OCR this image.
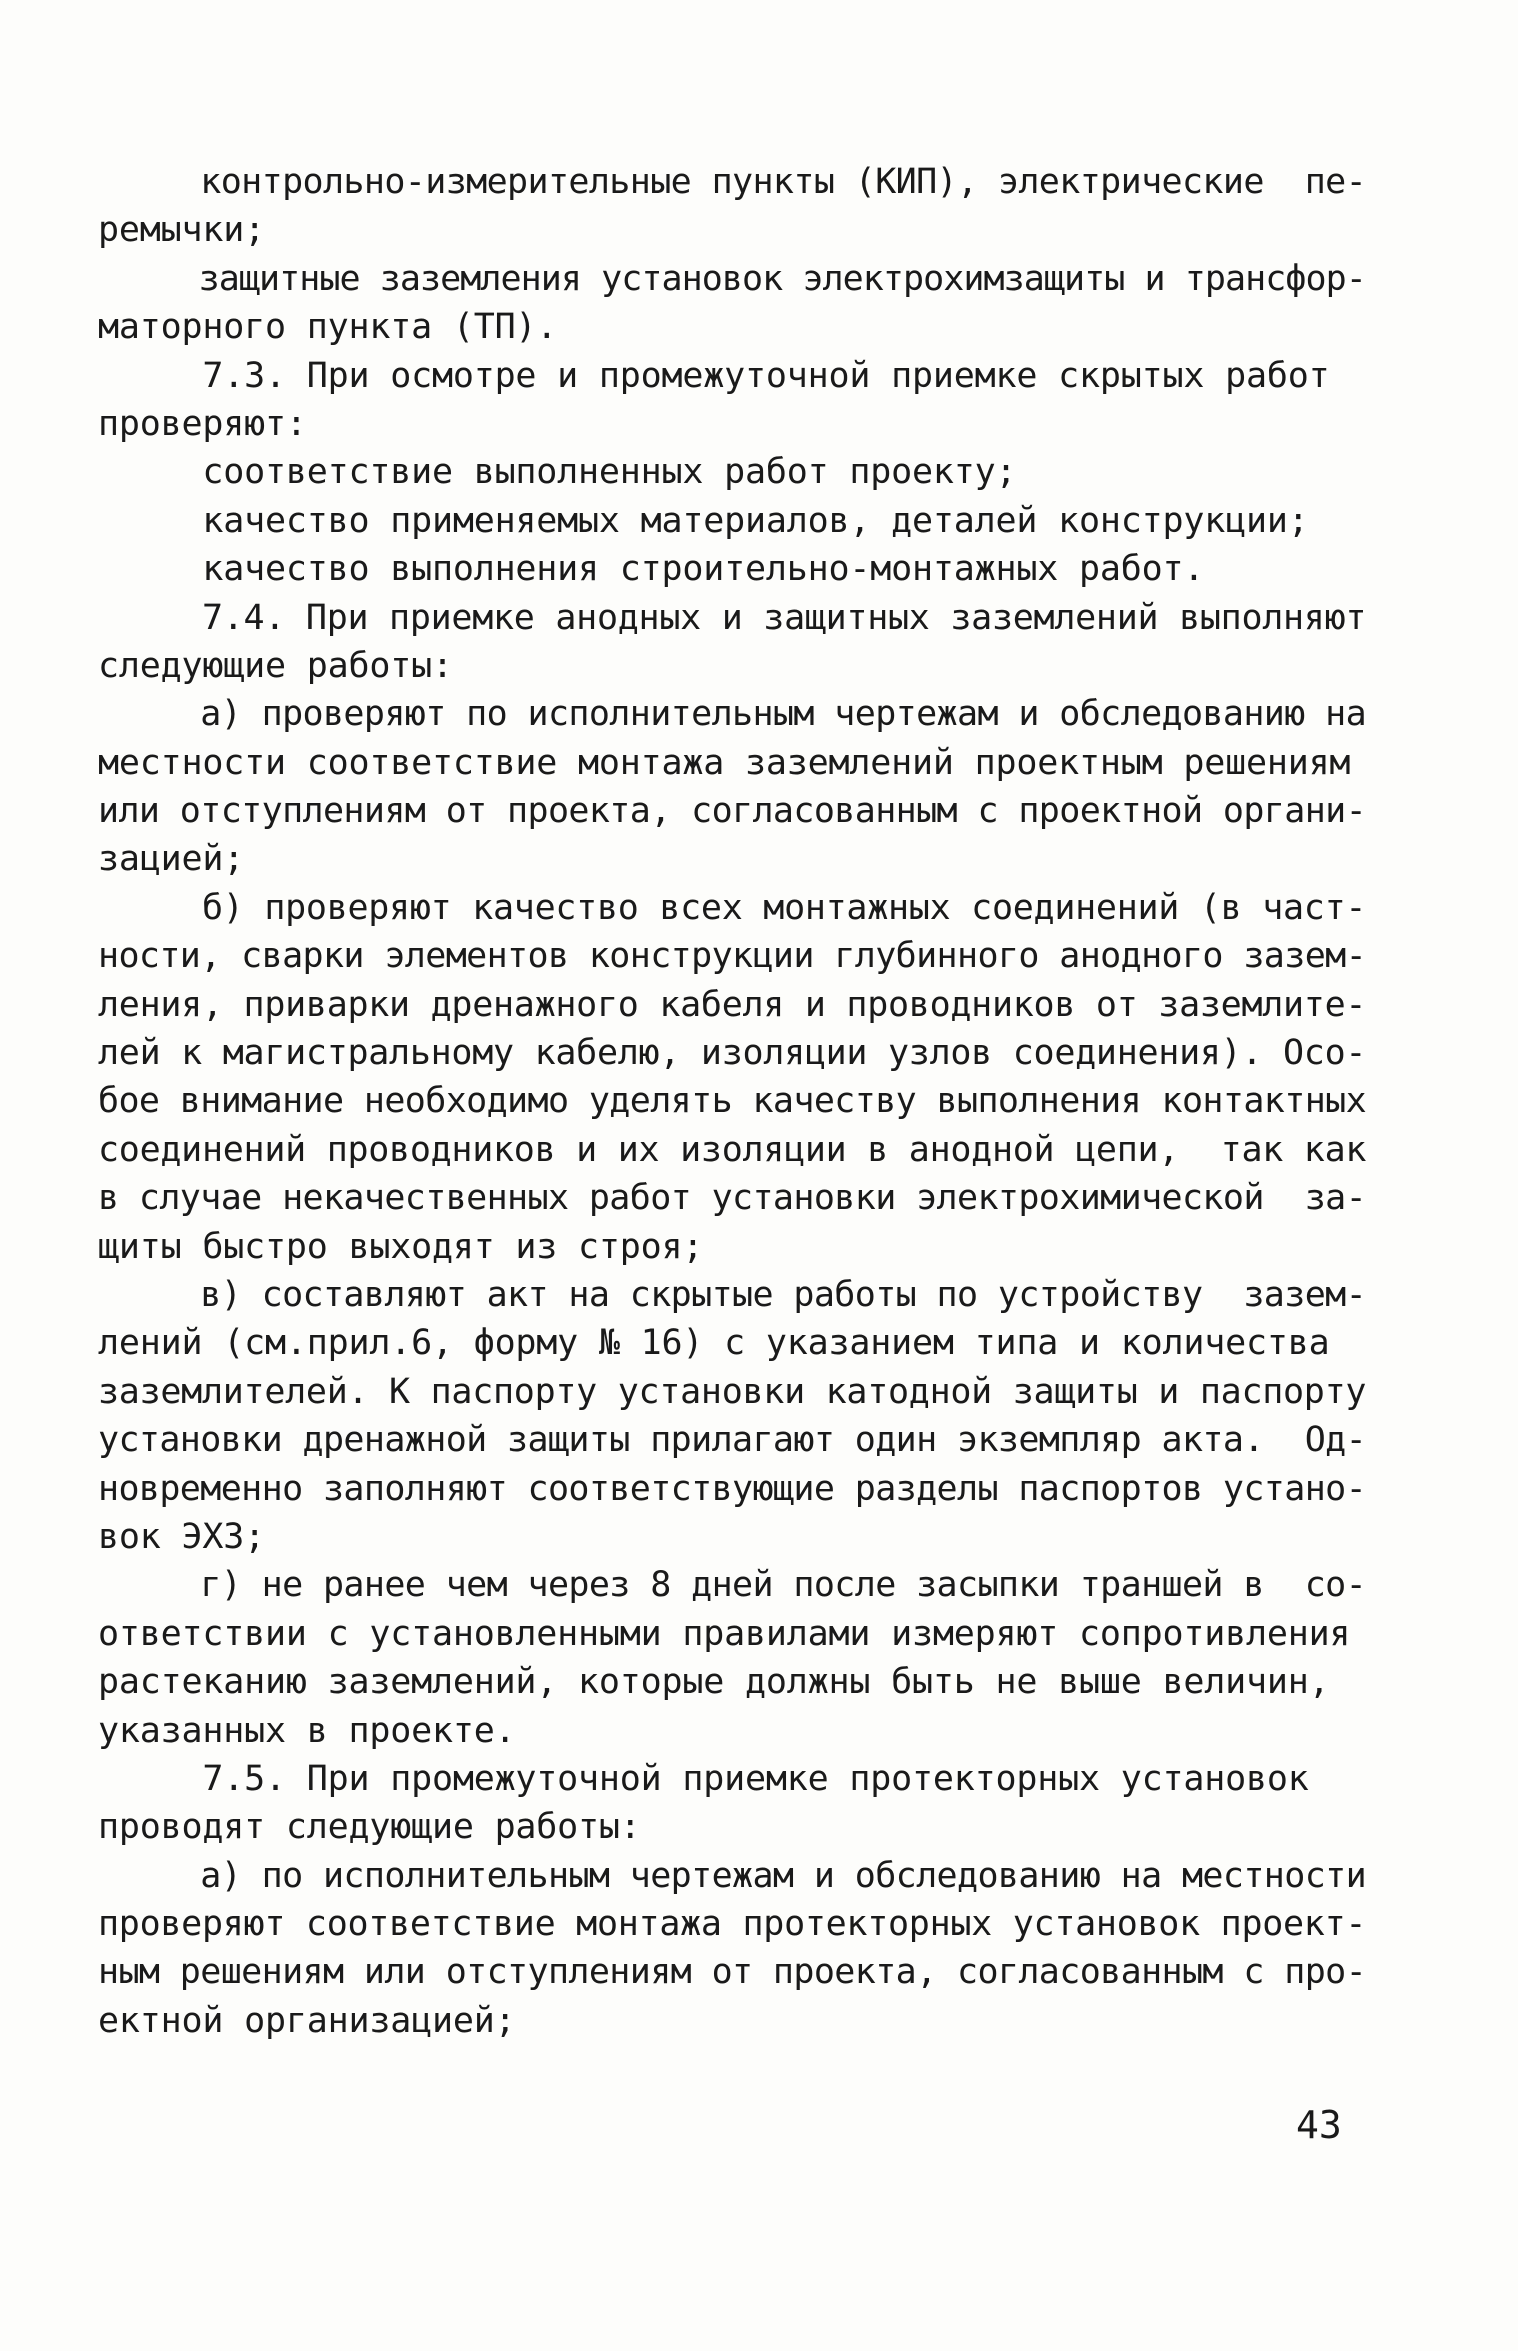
контрольно-измерительные пункты (КИП), электрические  пе-
ремычки;
защитные заземления установок электрохимзащиты и трансфор-
маторного пункта (ТП).
7.3. При осмотре и промежуточной приемке скрытых работ
проверяют:
соответствие выполненных работ проекту;
качество применяемых материалов, деталей конструкции;
качество выполнения строительно-монтажных работ.
7.4. При приемке анодных и защитных заземлений выполняют
следующие работы:
а) проверяют по исполнительным чертежам и обследованию на
местности соответствие монтажа заземлений проектным решениям
или отступлениям от проекта, согласованным с проектной органи-
зацией;
б) проверяют качество всех монтажных соединений (в част-
ности, сварки элементов конструкции глубинного анодного зазем-
ления, приварки дренажного кабеля и проводников от заземлите-
лей к магистральному кабелю, изоляции узлов соединения). Осо-
бое внимание необходимо уделять качеству выполнения контактных
соединений проводников и их изоляции в анодной цепи,  так как
в случае некачественных работ установки электрохимической  за-
щиты быстро выходят из строя;
в) составляют акт на скрытые работы по устройству  зазем-
лений (см.прил.6, форму № 16) с указанием типа и количества
заземлителей. К паспорту установки катодной защиты и паспорту
установки дренажной защиты прилагают один экземпляр акта.  Од-
новременно заполняют соответствующие разделы паспортов устано-
вок ЭХЗ;
г) не ранее чем через 8 дней после засыпки траншей в  со-
ответствии с установленными правилами измеряют сопротивления
растеканию заземлений, которые должны быть не выше величин,
указанных в проекте.
7.5. При промежуточной приемке протекторных установок
проводят следующие работы:
а) по исполнительным чертежам и обследованию на местности
проверяют соответствие монтажа протекторных установок проект-
ным решениям или отступлениям от проекта, согласованным с про-
ектной организацией;
43
